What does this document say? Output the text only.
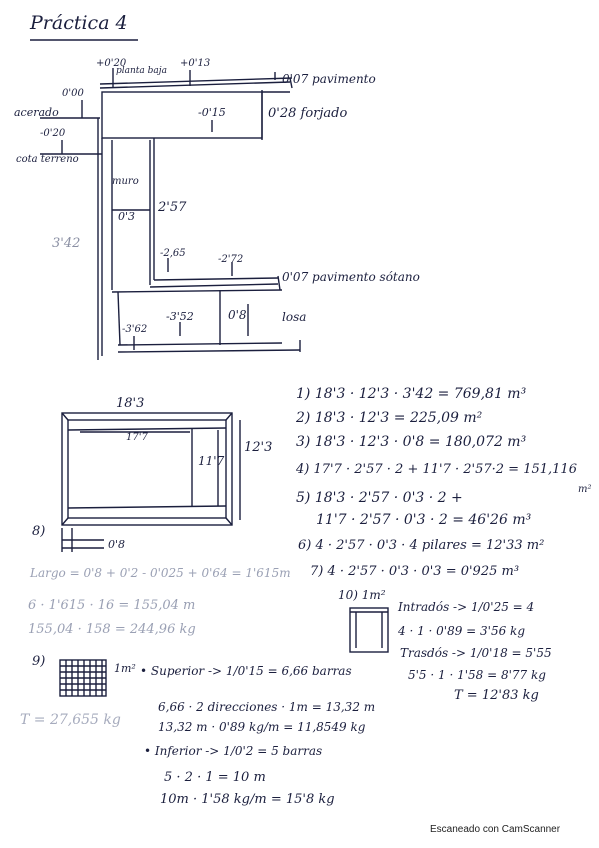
Práctica 4
+0'20
planta baja
+0'13
0'07 pavimento
0'00
acerado	-0'15	0'28 forjado
-0'20
cota terreno
muro
0'3
2'57
3'42
-2,65
-2'72
0'07 pavimento sótano
-3'52	0'8	losa
-3'62
18'3
17'7
11'7
12'3
1) 18'3 · 12'3 · 3'42 = 769,81 m³
2) 18'3 · 12'3 = 225,09 m²
3) 18'3 · 12'3 · 0'8 = 180,072 m³
4) 17'7 · 2'57 · 2 + 11'7 · 2'57·2 = 151,116
m²
5) 18'3 · 2'57 · 0'3 · 2 +
11'7 · 2'57 · 0'3 · 2 = 46'26 m³
6) 4 · 2'57 · 0'3 · 4 pilares = 12'33 m²
8)
0'8
Largo = 0'8 + 0'2 - 0'025 + 0'64 = 1'615m 7) 4 · 2'57 · 0'3 · 0'3 = 0'925 m³
6 · 1'615 · 16 = 155,04 m
155,04 · 158 = 244,96 kg
10) 1m²
Intradós -> 1/0'25 = 4
4 · 1 · 0'89 = 3'56 kg
Trasdós -> 1/0'18 = 5'55
5'5 · 1 · 1'58 = 8'77 kg
T = 12'83 kg
9)	1m² • Superior -> 1/0'15 = 6,66 barras
6,66 · 2 direcciones · 1m = 13,32 m
T = 27,655 kg	13,32 m · 0'89 kg/m = 11,8549 kg
• Inferior -> 1/0'2 = 5 barras
5 · 2 · 1 = 10 m
10m · 1'58 kg/m = 15'8 kg
Escaneado con CamScanner
